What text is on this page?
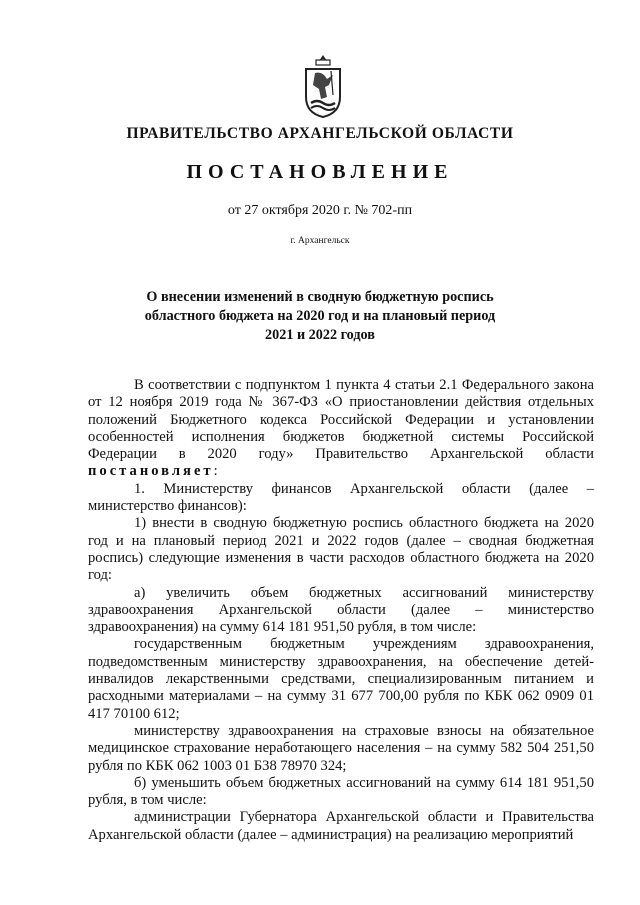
ПРАВИТЕЛЬСТВО АРХАНГЕЛЬСКОЙ ОБЛАСТИ
ПОСТАНОВЛЕНИЕ
от 27 октября 2020 г. № 702-пп
г. Архангельск
О внесении изменений в сводную бюджетную роспись
областного бюджета на 2020 год и на плановый период
2021 и 2022 годов

В соответствии с подпунктом 1 пункта 4 статьи 2.1 Федерального закона от 12 ноября 2019 года № 367-ФЗ «О приостановлении действия отдельных положений Бюджетного кодекса Российской Федерации и установлении особенностей исполнения бюджетов бюджетной системы Российской Федерации в 2020 году» Правительство Архангельской области постановляет:

1. Министерству финансов Архангельской области (далее – министерство финансов):

1) внести в сводную бюджетную роспись областного бюджета на 2020 год и на плановый период 2021 и 2022 годов (далее – сводная бюджетная роспись) следующие изменения в части расходов областного бюджета на 2020 год:

а) увеличить объем бюджетных ассигнований министерству здравоохранения Архангельской области (далее – министерство здравоохранения) на сумму 614 181 951,50 рубля, в том числе:

государственным бюджетным учреждениям здравоохранения, подведомственным министерству здравоохранения, на обеспечение детей-инвалидов лекарственными средствами, специализированным питанием и расходными материалами – на сумму 31 677 700,00 рубля по КБК 062 0909 01 417 70100 612;

министерству здравоохранения на страховые взносы на обязательное медицинское страхование неработающего населения – на сумму 582 504 251,50 рубля по КБК 062 1003 01 Б38 78970 324;

б) уменьшить объем бюджетных ассигнований на сумму 614 181 951,50 рубля, в том числе:

администрации Губернатора Архангельской области и Правительства Архангельской области (далее – администрация) на реализацию мероприятий
